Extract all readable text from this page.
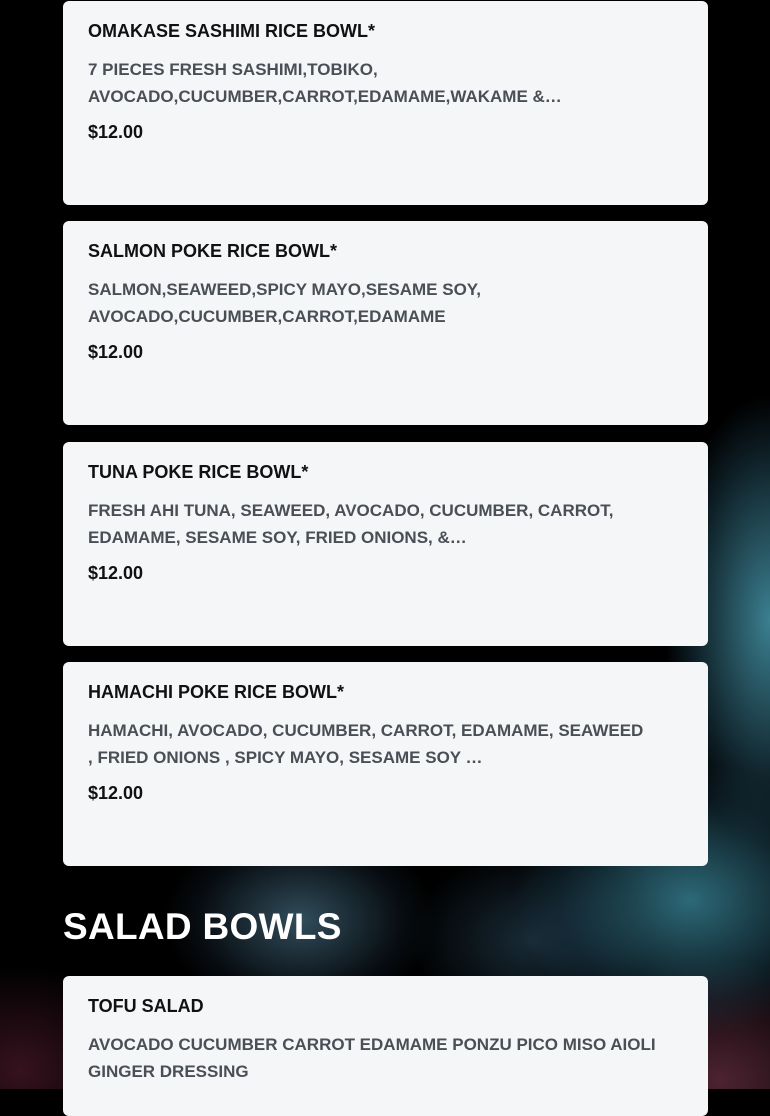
OMAKASE SASHIMI RICE BOWL*

7 PIECES FRESH SASHIMI,TOBIKO, AVOCADO,CUCUMBER,CARROT,EDAMAME,WAKAME &…

$12.00

SALMON POKE RICE BOWL*

SALMON,SEAWEED,SPICY MAYO,SESAME SOY, AVOCADO,CUCUMBER,CARROT,EDAMAME

$12.00

TUNA POKE RICE BOWL*

FRESH AHI TUNA, SEAWEED, AVOCADO, CUCUMBER, CARROT, EDAMAME, SESAME SOY, FRIED ONIONS, &…

$12.00

HAMACHI POKE RICE BOWL*

HAMACHI, AVOCADO, CUCUMBER, CARROT, EDAMAME, SEAWEED , FRIED ONIONS , SPICY MAYO, SESAME SOY …

$12.00

SALAD BOWLS
TOFU SALAD

AVOCADO CUCUMBER CARROT EDAMAME PONZU PICO MISO AIOLI GINGER DRESSING
